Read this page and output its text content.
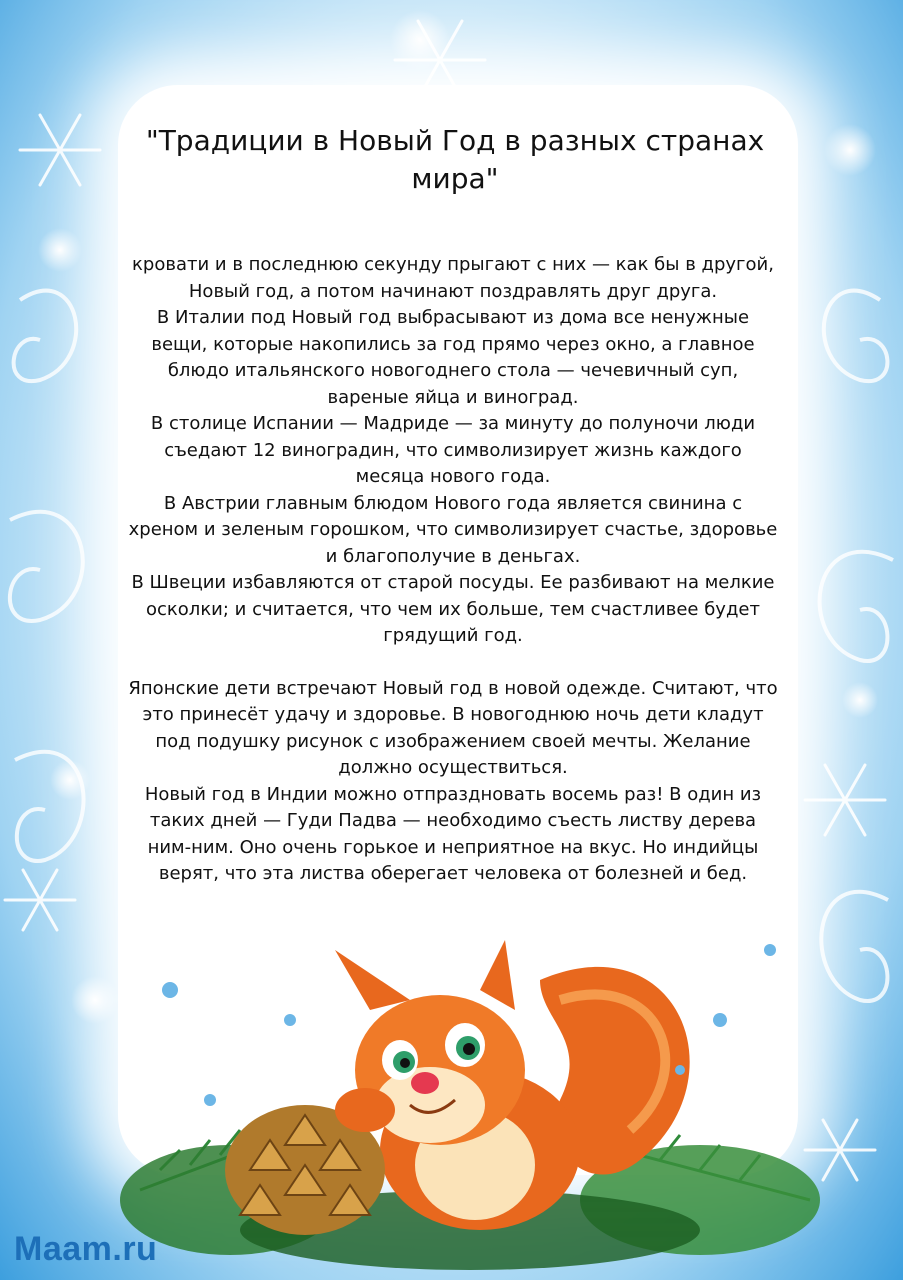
"Традиции в Новый Год в разных странах мира"

кровати и в последнюю секунду прыгают с них — как бы в другой, Новый год, а потом начинают поздравлять друг друга.

В Италии под Новый год выбрасывают из дома все ненужные вещи, которые накопились за год прямо через окно, а главное блюдо итальянского новогоднего стола — чечевичный суп, вареные яйца и виноград.

В столице Испании — Мадриде — за минуту до полуночи люди съедают 12 виноградин, что символизирует жизнь каждого месяца нового года.

В Австрии главным блюдом Нового года является свинина с хреном и зеленым горошком, что символизирует счастье, здоровье и благополучие в деньгах.

В Швеции избавляются от старой посуды. Ее разбивают на мелкие осколки; и считается, что чем их больше, тем счастливее будет грядущий год.

Японские дети встречают Новый год в новой одежде. Считают, что это принесёт удачу и здоровье. В новогоднюю ночь дети кладут под подушку рисунок с изображением своей мечты. Желание должно осуществиться.

Новый год в Индии можно отпраздновать восемь раз! В один из таких дней — Гуди Падва — необходимо съесть листву дерева ним-ним. Оно очень горькое и неприятное на вкус. Но индийцы верят, что эта листва оберегает человека от болезней и бед.

Maam.ru
